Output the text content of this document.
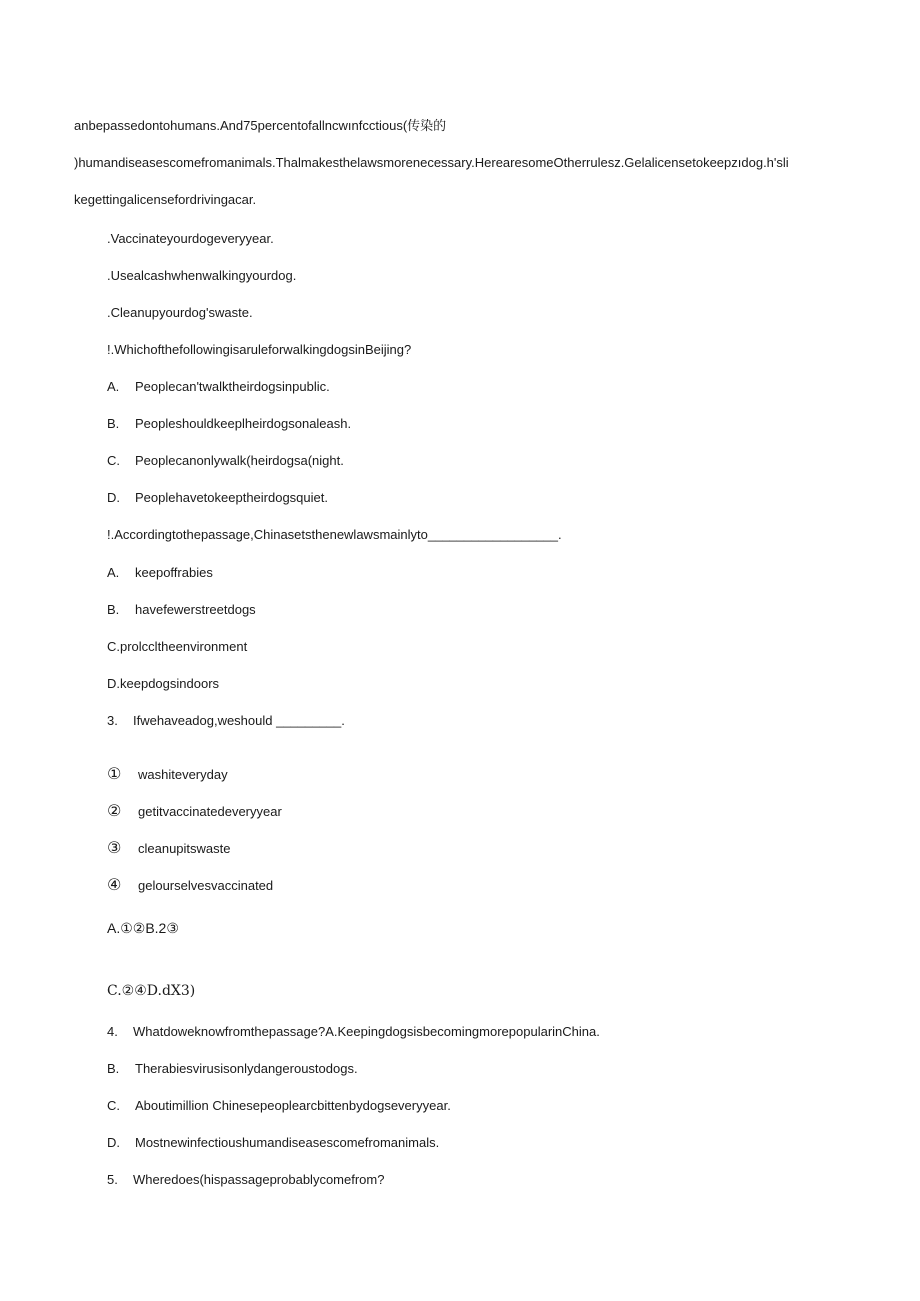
anbepassedontohumans.And75percentofallncwınfcctious(传染的
)humandiseasescomefromanimals.Thalmakesthelawsmorenecessary.HerearesomeOtherrulesz.Gelalicensetokeepzıdog.h'sli
kegettingalicensefordrivingacar.
.Vaccinateyourdogeveryyear.
.Usealcashwhenwalkingyourdog.
.Cleanupyourdog'swaste.
!.WhichofthefollowingisaruleforwalkingdogsinBeijing?
A. Peoplecan'twalktheirdogsinpublic.
B. Peopleshouldkeeplheirdogsonaleash.
C. Peoplecanonlywalk(heirdogsa(night.
D. Peoplehavetokeeptheirdogsquiet.
!.Accordingtothepassage,Chinasetsthenewlawsmainlyto__________________.
A. keepoffrabies
B. havefewerstreetdogs
C.prolccltheenvironment
D.keepdogsindoors
3. Ifwehaveadog,weshould _________.
① washiteveryday
② getitvaccinatedeveryyear
③ cleanupitswaste
④ gelourselvesvaccinated
A.①②B.2③
C.②④D.dX3)
4. Whatdoweknowfromthepassage?A.KeepingdogsisbecomingmorepopularinChina.
B. Therabiesvirusisonlydangeroustodogs.
C. Aboutimillion Chinesepeoplearcbittenbydogseveryyear.
D. Mostnewinfectioushumandiseasescomefromanimals.
5. Wheredoes(hispassageprobablycomefrom?
